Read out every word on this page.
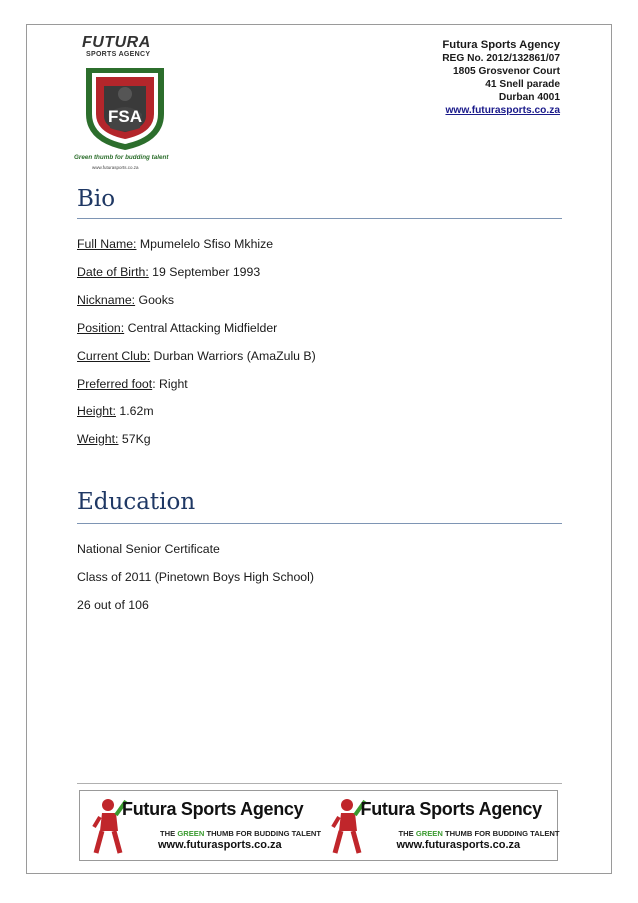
FUTURA
SPORTS AGENCY
FSA
Green thumb for budding talent
www.futurasports.co.za
Futura Sports Agency
REG No. 2012/132861/07
1805 Grosvenor Court
41 Snell parade
Durban 4001
www.futurasports.co.za
Bio
Full Name: Mpumelelo Sfiso Mkhize
Date of Birth: 19 September 1993
Nickname: Gooks
Position: Central Attacking Midfielder
Current Club: Durban Warriors (AmaZulu B)
Preferred foot: Right
Height: 1.62m
Weight: 57Kg
Education
National Senior Certificate
Class of 2011 (Pinetown Boys High School)
26 out of 106
Futura Sports Agency
THE GREEN THUMB FOR BUDDING TALENT
www.futurasports.co.za
Futura Sports Agency
THE GREEN THUMB FOR BUDDING TALENT
www.futurasports.co.za
